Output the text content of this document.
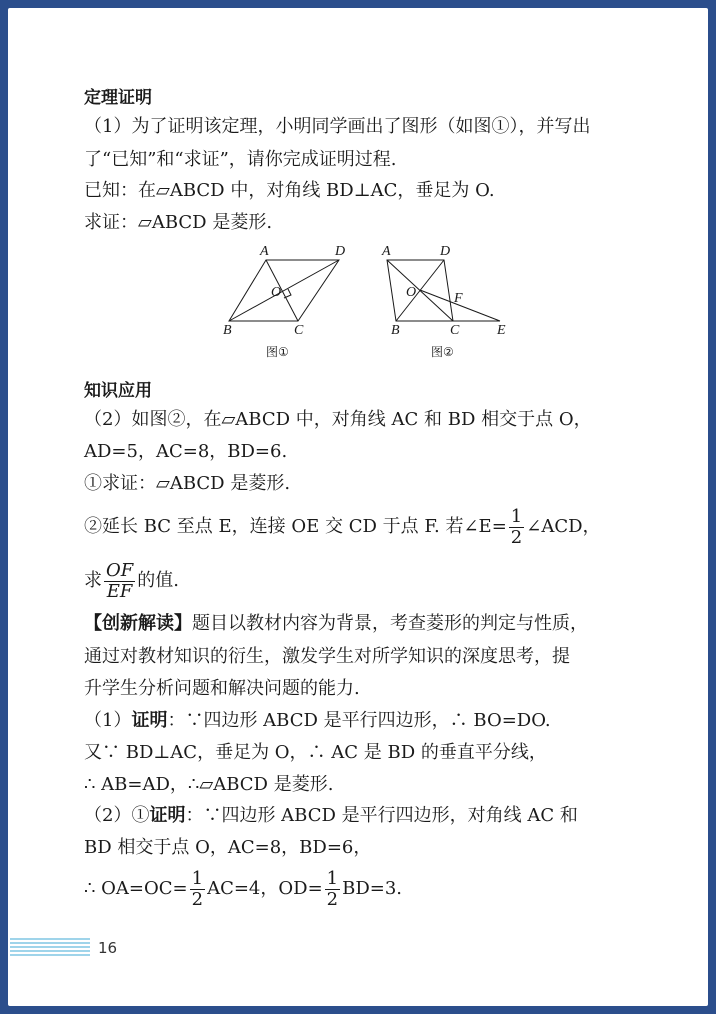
定理证明
（1）为了证明该定理，小明同学画出了图形（如图①），并写出
了“已知”和“求证”，请你完成证明过程.
已知：在▱ABCD 中，对角线 BD⊥AC，垂足为 O.
求证：▱ABCD 是菱形.
A	D
O
B	C
图①
A	D
O	F
B	C	E
图②
知识应用
（2）如图②，在▱ABCD 中，对角线 AC 和 BD 相交于点 O，
AD=5，AC=8，BD=6.
①求证：▱ABCD 是菱形.
②延长 BC 至点 E，连接 OE 交 CD 于点 F. 若∠E= $\frac{1}{2}$ ∠ACD，
求 $\frac{OF}{EF}$ 的值.
【创新解读】题目以教材内容为背景，考查菱形的判定与性质，
通过对教材知识的衍生，激发学生对所学知识的深度思考，提
升学生分析问题和解决问题的能力.
（1）证明：∵四边形 ABCD 是平行四边形，∴ BO=DO.
又∵ BD⊥AC，垂足为 O，∴ AC 是 BD 的垂直平分线，
∴ AB=AD，∴▱ABCD 是菱形.
（2）①证明：∵四边形 ABCD 是平行四边形，对角线 AC 和
BD 相交于点 O，AC=8，BD=6，
∴ $OA=OC= \frac{1}{2} AC=4$，$OD= \frac{1}{2} BD=3$.
16
